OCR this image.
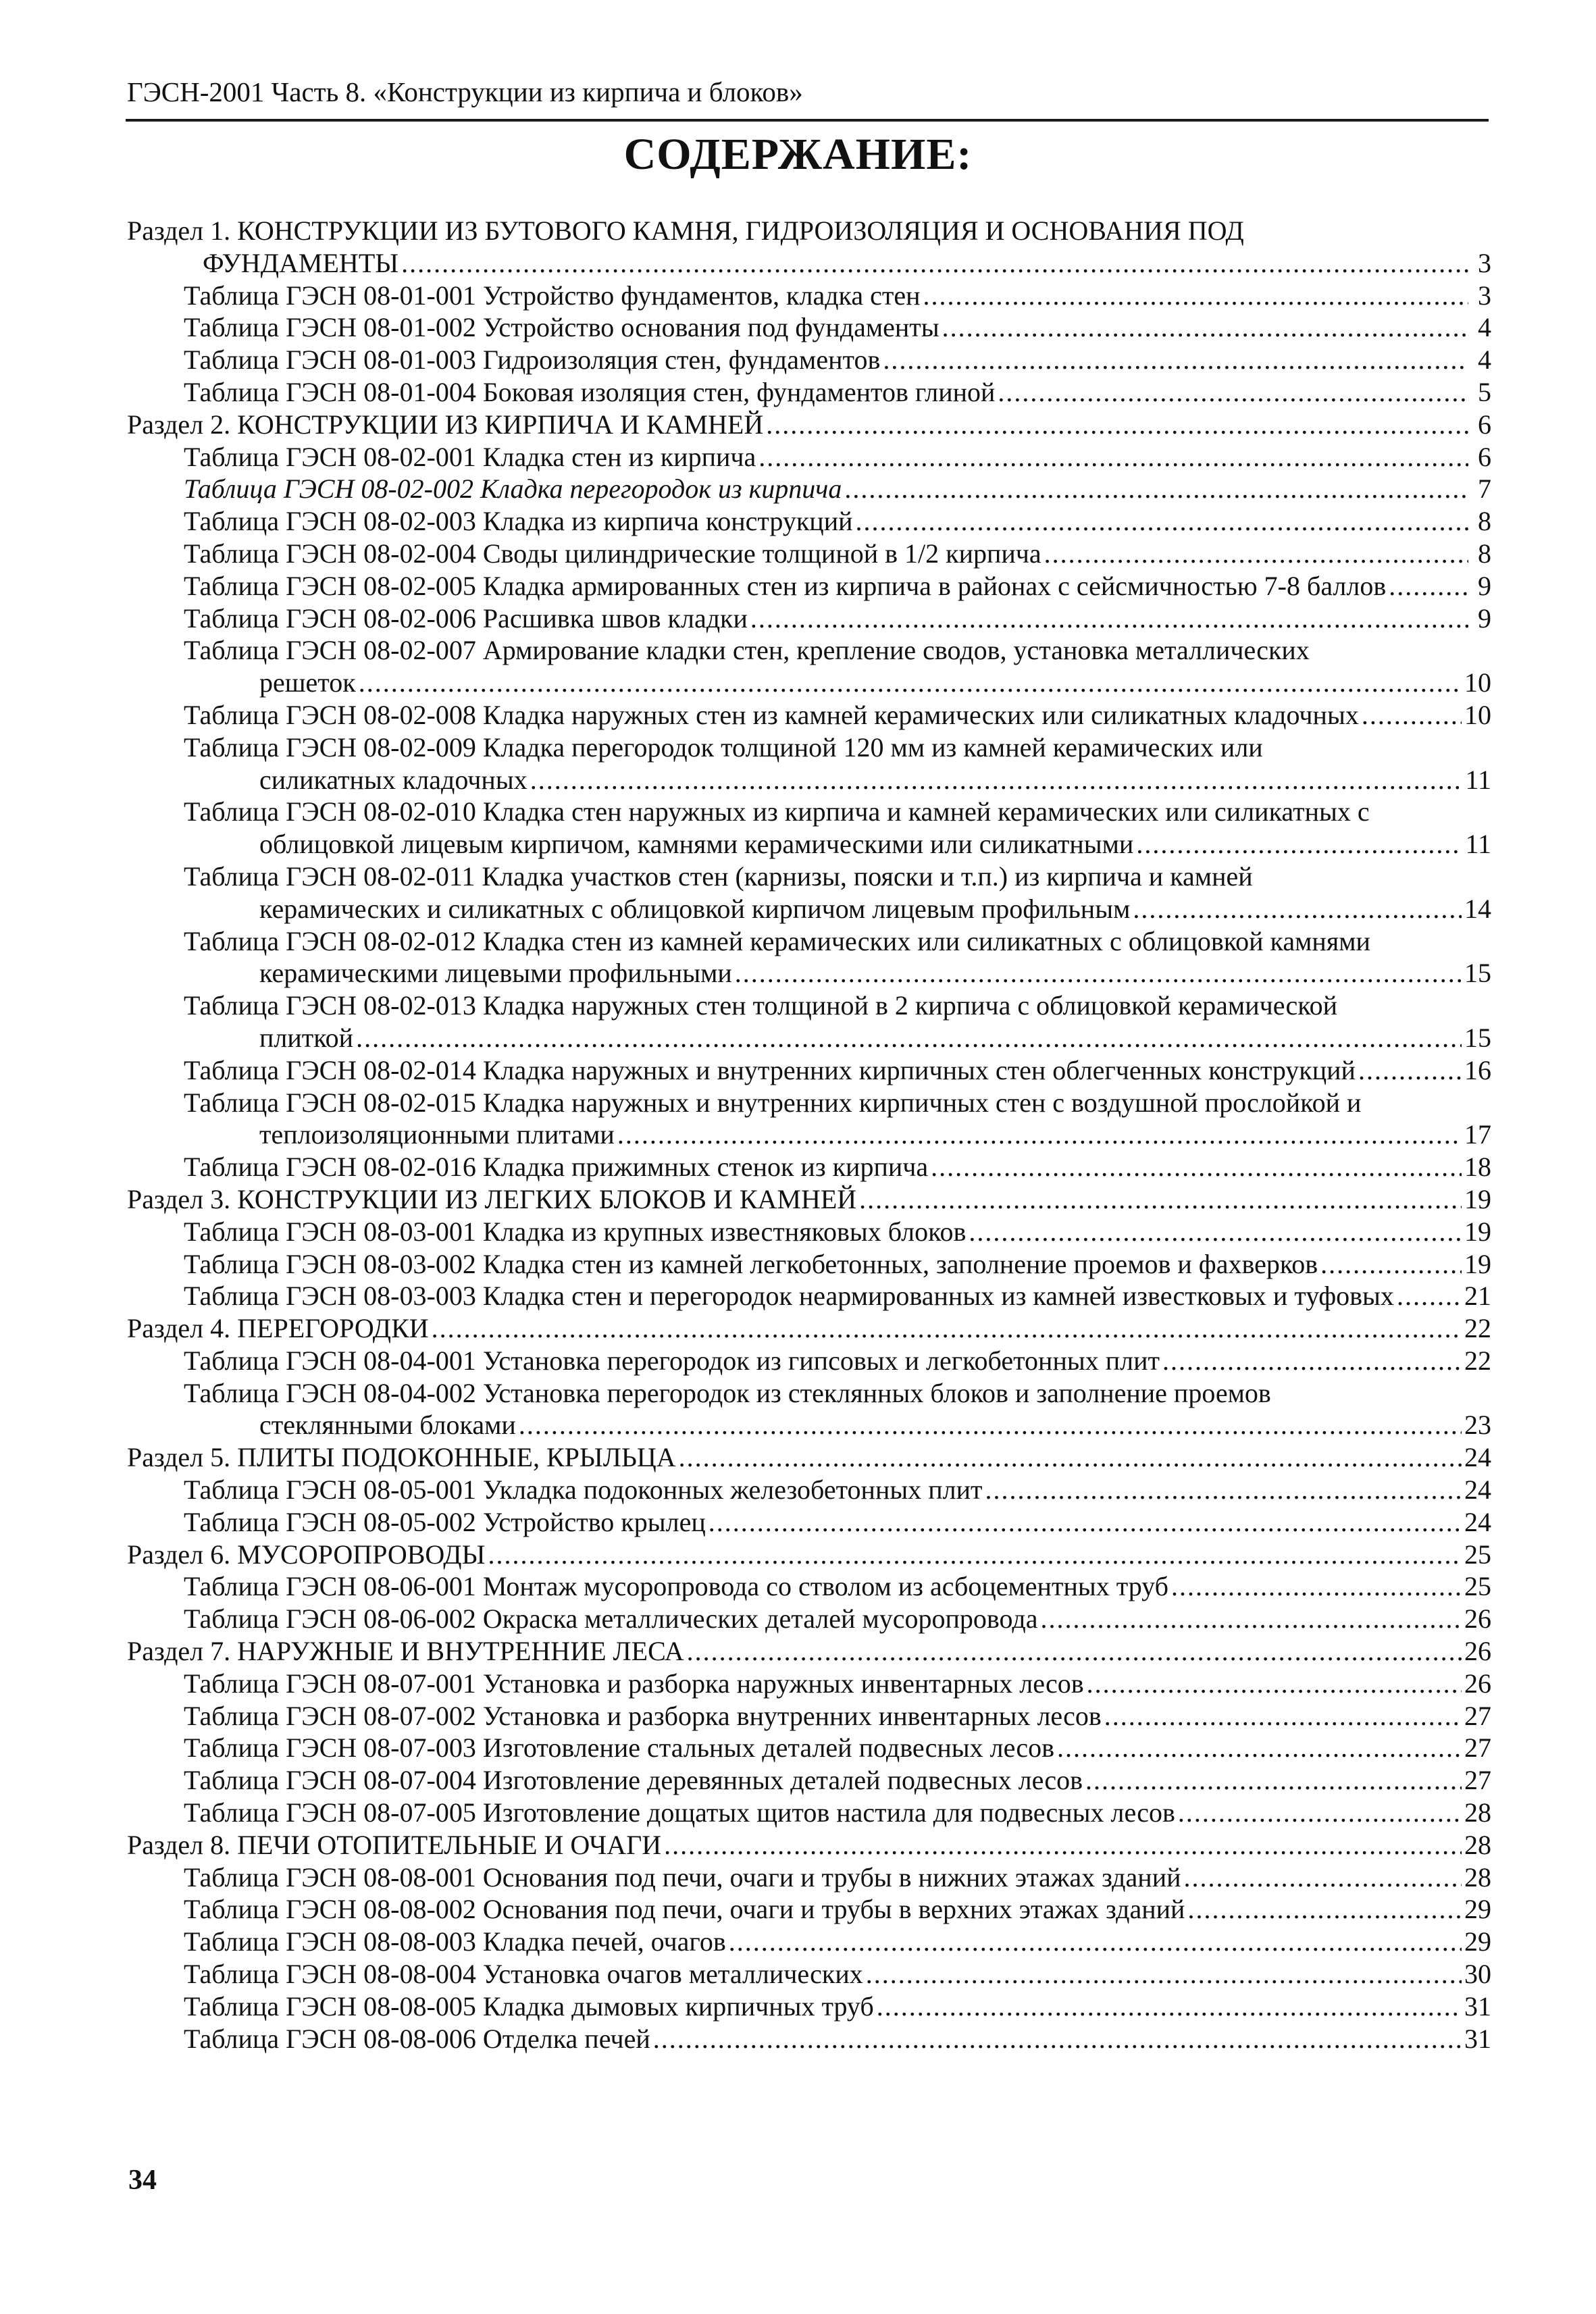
ГЭСН-2001 Часть 8. «Конструкции из кирпича и блоков»
СОДЕРЖАНИЕ:
Раздел 1. КОНСТРУКЦИИ ИЗ БУТОВОГО КАМНЯ, ГИДРОИЗОЛЯЦИЯ И ОСНОВАНИЯ ПОД
ФУНДАМЕНТЫ .....	3
Таблица ГЭСН 08-01-001 Устройство фундаментов, кладка стен .....	3
Таблица ГЭСН 08-01-002 Устройство основания под фундаменты .....	4
Таблица ГЭСН 08-01-003 Гидроизоляция стен, фундаментов .....	4
Таблица ГЭСН 08-01-004 Боковая изоляция стен, фундаментов глиной .....	5
Раздел 2. КОНСТРУКЦИИ ИЗ КИРПИЧА И КАМНЕЙ .....	6
Таблица ГЭСН 08-02-001 Кладка стен из кирпича .....	6
Таблица ГЭСН 08-02-002 Кладка перегородок из кирпича .....	7
Таблица ГЭСН 08-02-003 Кладка из кирпича конструкций .....	8
Таблица ГЭСН 08-02-004 Своды цилиндрические толщиной в 1/2 кирпича .....	8
Таблица ГЭСН 08-02-005 Кладка армированных стен из кирпича в районах с сейсмичностью 7-8 баллов .....	9
Таблица ГЭСН 08-02-006 Расшивка швов кладки .....	9
Таблица ГЭСН 08-02-007 Армирование кладки стен, крепление сводов, установка металлических
решеток .....	10
Таблица ГЭСН 08-02-008 Кладка наружных стен из камней керамических или силикатных кладочных .....	10
Таблица ГЭСН 08-02-009 Кладка перегородок толщиной 120 мм из камней керамических или
силикатных кладочных .....	11
Таблица ГЭСН 08-02-010 Кладка стен наружных из кирпича и камней керамических или силикатных с
облицовкой лицевым кирпичом, камнями керамическими или силикатными .....	11
Таблица ГЭСН 08-02-011 Кладка участков стен (карнизы, пояски и т.п.) из кирпича и камней
керамических и силикатных с облицовкой кирпичом лицевым профильным .....	14
Таблица ГЭСН 08-02-012 Кладка стен из камней керамических или силикатных с облицовкой камнями
керамическими лицевыми профильными .....	15
Таблица ГЭСН 08-02-013 Кладка наружных стен толщиной в 2 кирпича с облицовкой керамической
плиткой .....	15
Таблица ГЭСН 08-02-014 Кладка наружных и внутренних кирпичных стен облегченных конструкций .....	16
Таблица ГЭСН 08-02-015 Кладка наружных и внутренних кирпичных стен с воздушной прослойкой и
теплоизоляционными плитами .....	17
Таблица ГЭСН 08-02-016 Кладка прижимных стенок из кирпича .....	18
Раздел 3. КОНСТРУКЦИИ ИЗ ЛЕГКИХ БЛОКОВ И КАМНЕЙ .....	19
Таблица ГЭСН 08-03-001 Кладка из крупных известняковых блоков .....	19
Таблица ГЭСН 08-03-002 Кладка стен из камней легкобетонных, заполнение проемов и фахверков .....	19
Таблица ГЭСН 08-03-003 Кладка стен и перегородок неармированных из камней известковых и туфовых .....	21
Раздел 4. ПЕРЕГОРОДКИ .....	22
Таблица ГЭСН 08-04-001 Установка перегородок из гипсовых и легкобетонных плит .....	22
Таблица ГЭСН 08-04-002 Установка перегородок из стеклянных блоков и заполнение проемов
стеклянными блоками .....	23
Раздел 5. ПЛИТЫ ПОДОКОННЫЕ, КРЫЛЬЦА .....	24
Таблица ГЭСН 08-05-001 Укладка подоконных железобетонных плит .....	24
Таблица ГЭСН 08-05-002 Устройство крылец .....	24
Раздел 6. МУСОРОПРОВОДЫ .....	25
Таблица ГЭСН 08-06-001 Монтаж мусоропровода со стволом из асбоцементных труб .....	25
Таблица ГЭСН 08-06-002 Окраска металлических деталей мусоропровода .....	26
Раздел 7. НАРУЖНЫЕ И ВНУТРЕННИЕ ЛЕСА .....	26
Таблица ГЭСН 08-07-001 Установка и разборка наружных инвентарных лесов .....	26
Таблица ГЭСН 08-07-002 Установка и разборка внутренних инвентарных лесов .....	27
Таблица ГЭСН 08-07-003 Изготовление стальных деталей подвесных лесов .....	27
Таблица ГЭСН 08-07-004 Изготовление деревянных деталей подвесных лесов .....	27
Таблица ГЭСН 08-07-005 Изготовление дощатых щитов настила для подвесных лесов .....	28
Раздел 8. ПЕЧИ ОТОПИТЕЛЬНЫЕ И ОЧАГИ .....	28
Таблица ГЭСН 08-08-001 Основания под печи, очаги и трубы в нижних этажах зданий .....	28
Таблица ГЭСН 08-08-002 Основания под печи, очаги и трубы в верхних этажах зданий .....	29
Таблица ГЭСН 08-08-003 Кладка печей, очагов .....	29
Таблица ГЭСН 08-08-004 Установка очагов металлических .....	30
Таблица ГЭСН 08-08-005 Кладка дымовых кирпичных труб .....	31
Таблица ГЭСН 08-08-006 Отделка печей .....	31
34
